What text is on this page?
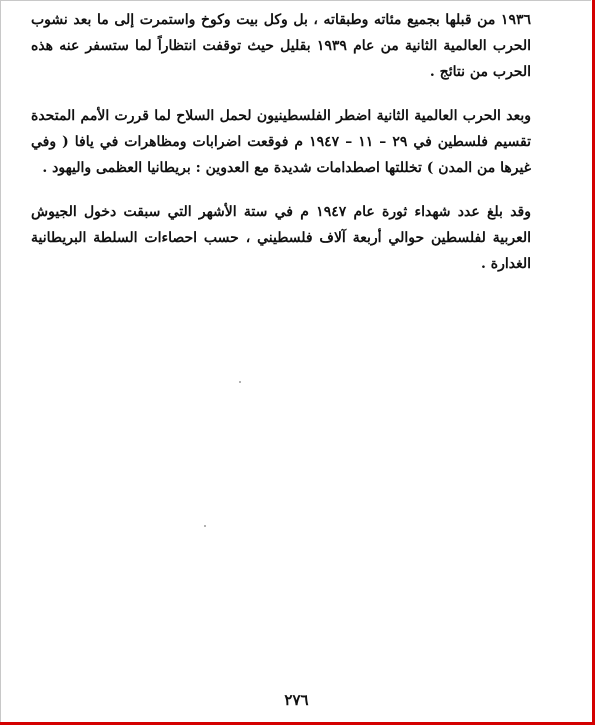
١٩٣٦ من قبلها بجميع مئاته وطبقاته ، بل وكل بيت وكوخ واستمرت إلى ما بعد نشوب الحرب العالمية الثانية من عام ١٩٣٩ بقليل حيث توقفت انتظاراً لما ستسفر عنه هذه الحرب من نتائج .

وبعد الحرب العالمية الثانية اضطر الفلسطينيون لحمل السلاح لما قررت الأمم المتحدة تقسيم فلسطين في ٢٩ – ١١ – ١٩٤٧ م فوقعت اضرابات ومظاهرات في يافا ( وفي غيرها من المدن ) تخللتها اصطدامات شديدة مع العدوين : بريطانيا العظمى واليهود .

وقد بلغ عدد شهداء ثورة عام ١٩٤٧ م في ستة الأشهر التي سبقت دخول الجيوش العربية لفلسطين حوالي أربعة آلاف فلسطيني ، حسب احصاءات السلطة البريطانية الغدارة .

٢٧٦
